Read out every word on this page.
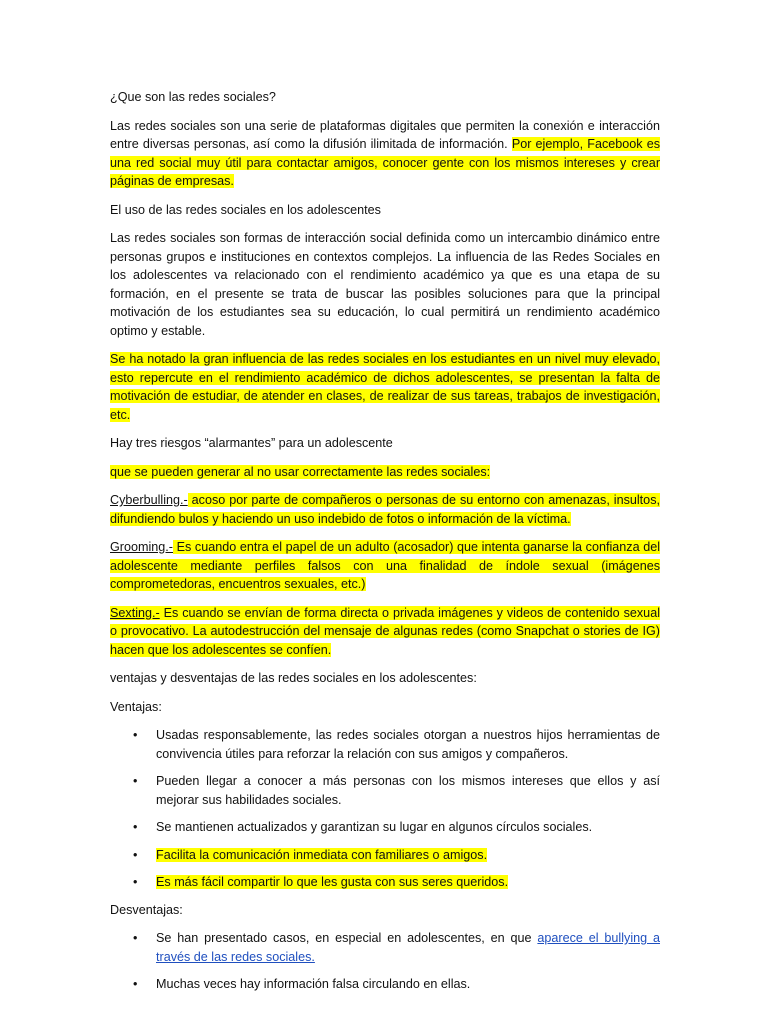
¿Que son las redes sociales?

Las redes sociales son una serie de plataformas digitales que permiten la conexión e interacción entre diversas personas, así como la difusión ilimitada de información. Por ejemplo, Facebook es una red social muy útil para contactar amigos, conocer gente con los mismos intereses y crear páginas de empresas.

El uso de las redes sociales en los adolescentes

Las redes sociales son formas de interacción social definida como un intercambio dinámico entre personas grupos e instituciones en contextos complejos. La influencia de las Redes Sociales en los adolescentes va relacionado con el rendimiento académico ya que es una etapa de su formación, en el presente se trata de buscar las posibles soluciones para que la principal motivación de los estudiantes sea su educación, lo cual permitirá un rendimiento académico optimo y estable.

Se ha notado la gran influencia de las redes sociales en los estudiantes en un nivel muy elevado, esto repercute en el rendimiento académico de dichos adolescentes, se presentan la falta de motivación de estudiar, de atender en clases, de realizar de sus tareas, trabajos de investigación, etc.

Hay tres riesgos “alarmantes” para un adolescente

que se pueden generar al no usar correctamente las redes sociales:

Cyberbulling.- acoso por parte de compañeros o personas de su entorno con amenazas, insultos, difundiendo bulos y haciendo un uso indebido de fotos o información de la víctima.

Grooming.- Es cuando entra el papel de un adulto (acosador) que intenta ganarse la confianza del adolescente mediante perfiles falsos con una finalidad de índole sexual (imágenes comprometedoras, encuentros sexuales, etc.)

Sexting.- Es cuando se envían de forma directa o privada imágenes y videos de contenido sexual o provocativo. La autodestrucción del mensaje de algunas redes (como Snapchat o stories de IG) hacen que los adolescentes se confíen.

ventajas y desventajas de las redes sociales en los adolescentes:

Ventajas:

• Usadas responsablemente, las redes sociales otorgan a nuestros hijos herramientas de convivencia útiles para reforzar la relación con sus amigos y compañeros.
• Pueden llegar a conocer a más personas con los mismos intereses que ellos y así mejorar sus habilidades sociales.
• Se mantienen actualizados y garantizan su lugar en algunos círculos sociales.
• Facilita la comunicación inmediata con familiares o amigos.
• Es más fácil compartir lo que les gusta con sus seres queridos.

Desventajas:

• Se han presentado casos, en especial en adolescentes, en que aparece el bullying a través de las redes sociales.
• Muchas veces hay información falsa circulando en ellas.
